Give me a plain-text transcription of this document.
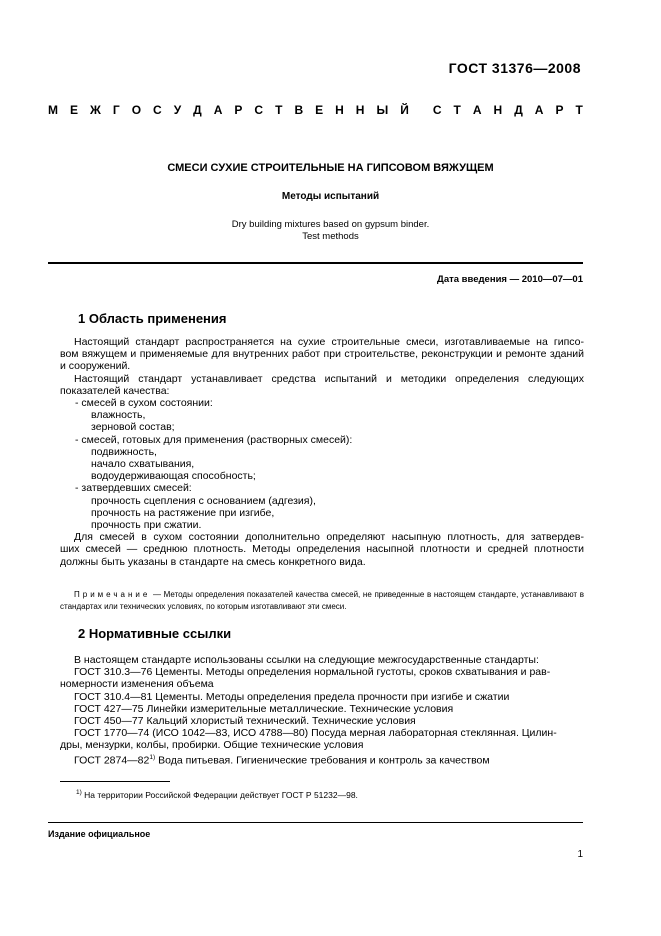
ГОСТ 31376—2008
М Е Ж Г О С У Д А Р С Т В Е Н Н Ы Й С Т А Н Д А Р Т
СМЕСИ СУХИЕ СТРОИТЕЛЬНЫЕ НА ГИПСОВОМ ВЯЖУЩЕМ
Методы испытаний
Dry building mixtures based on gypsum binder.
Test methods
Дата введения — 2010—07—01
1 Область применения

Настоящий стандарт распространяется на сухие строительные смеси, изготавливаемые на гипсо-

вом вяжущем и применяемые для внутренних работ при строительстве, реконструкции и ремонте зданий

и сооружений.

Настоящий стандарт устанавливает средства испытаний и методики определения следующих

показателей качества:

- смесей в сухом состоянии:

влажность,

зерновой состав;

- смесей, готовых для применения (растворных смесей):

подвижность,

начало схватывания,

водоудерживающая способность;

- затвердевших смесей:

прочность сцепления с основанием (адгезия),

прочность на растяжение при изгибе,

прочность при сжатии.

Для смесей в сухом состоянии дополнительно определяют насыпную плотность, для затвердев-

ших смесей — среднюю плотность. Методы определения насыпной плотности и средней плотности

должны быть указаны в стандарте на смесь конкретного вида.

Примечание — Методы определения показателей качества смесей, не приведенные в настоящем стандарте, устанавливают в стандартах или технических условиях, по которым изготавливают эти смеси.
2 Нормативные ссылки

В настоящем стандарте использованы ссылки на следующие межгосударственные стандарты:

ГОСТ 310.3—76 Цементы. Методы определения нормальной густоты, сроков схватывания и рав-

номерности изменения объема

ГОСТ 310.4—81 Цементы. Методы определения предела прочности при изгибе и сжатии

ГОСТ 427—75 Линейки измерительные металлические. Технические условия

ГОСТ 450—77 Кальций хлористый технический. Технические условия

ГОСТ 1770—74 (ИСО 1042—83, ИСО 4788—80) Посуда мерная лабораторная стеклянная. Цилин-

дры, мензурки, колбы, пробирки. Общие технические условия

ГОСТ 2874—82$^{1)}$ Вода питьевая. Гигиенические требования и контроль за качеством

$^{1)}$ На территории Российской Федерации действует ГОСТ Р 51232—98.
Издание официальное
1
